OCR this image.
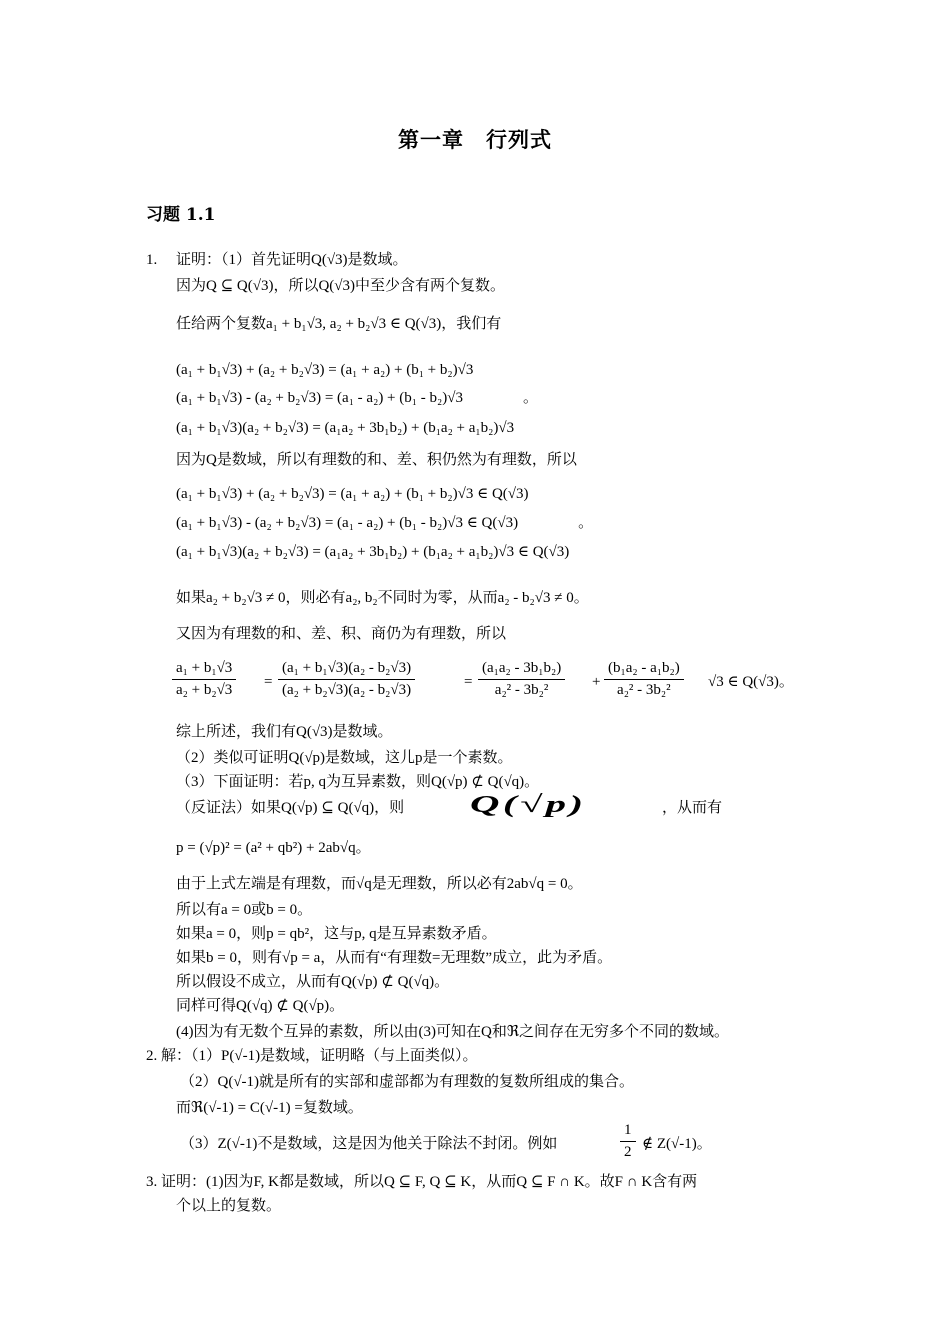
第一章　行列式
习题 1.1
1.　 证明：（1）首先证明Q(√3)是数域。
因为Q ⊆ Q(√3)，所以Q(√3)中至少含有两个复数。
任给两个复数a₁ + b₁√3, a₂ + b₂√3 ∈ Q(√3)，我们有
(a₁ + b₁√3) + (a₂ + b₂√3) = (a₁ + a₂) + (b₁ + b₂)√3
(a₁ + b₁√3) - (a₂ + b₂√3) = (a₁ - a₂) + (b₁ - b₂)√3　　　　。
(a₁ + b₁√3)(a₂ + b₂√3) = (a₁a₂ + 3b₁b₂) + (b₁a₂ + a₁b₂)√3
因为Q是数域，所以有理数的和、差、积仍然为有理数，所以
(a₁ + b₁√3) + (a₂ + b₂√3) = (a₁ + a₂) + (b₁ + b₂)√3 ∈ Q(√3)
(a₁ + b₁√3) - (a₂ + b₂√3) = (a₁ - a₂) + (b₁ - b₂)√3 ∈ Q(√3)　　　　。
(a₁ + b₁√3)(a₂ + b₂√3) = (a₁a₂ + 3b₁b₂) + (b₁a₂ + a₁b₂)√3 ∈ Q(√3)
如果a₂ + b₂√3 ≠ 0，则必有a₂, b₂不同时为零，从而a₂ - b₂√3 ≠ 0。
又因为有理数的和、差、积、商仍为有理数，所以
$\frac{\text{a₁ + b₁√3}}{\text{a₂ + b₂√3}} = \frac{\text{(a₁ + b₁√3)(a₂ - b₂√3)}}{\text{(a₂ + b₂√3)(a₂ - b₂√3)}}$	= $\frac{\text{(a₁a₂ - 3b₁b₂)}}{\text{a₂² - 3b₂²}} + \frac{\text{(b₁a₂ - a₁b₂)}}{\text{a₂² - 3b₂²}} √3$ ∈ Q(√3)。
综上所述，我们有Q(√3)是数域。
（2）类似可证明Q(√p)是数域，这儿p是一个素数。
（3）下面证明：若p, q为互异素数，则Q(√p) ⊄ Q(√q)。
（反证法）如果Q(√p) ⊆ Q(√q)，则	Q(√p)	，从而有
p = (√p)² = (a² + qb²) + 2ab√q。
由于上式左端是有理数，而√q是无理数，所以必有2ab√q = 0。
所以有a = 0或b = 0。
如果a = 0，则p = qb²，这与p, q是互异素数矛盾。
如果b = 0，则有√p = a，从而有“有理数=无理数”成立，此为矛盾。
所以假设不成立，从而有Q(√p) ⊄ Q(√q)。
同样可得Q(√q) ⊄ Q(√p)。
(4)因为有无数个互异的素数，所以由(3)可知在Q和ℜ之间存在无穷多个不同的数域。
2. 解：（1）P(√-1)是数域，证明略（与上面类似）。
（2）Q(√-1)就是所有的实部和虚部都为有理数的复数所组成的集合。
而ℜ(√-1) = C(√-1) =复数域。
（3）Z(√-1)不是数域，这是因为他关于除法不封闭。例如	$\frac{1}{2}$ ∉ Z(√-1)。
3. 证明：(1)因为F, K都是数域，所以Q ⊆ F, Q ⊆ K，从而Q ⊆ F ∩ K。故F ∩ K含有两
个以上的复数。
